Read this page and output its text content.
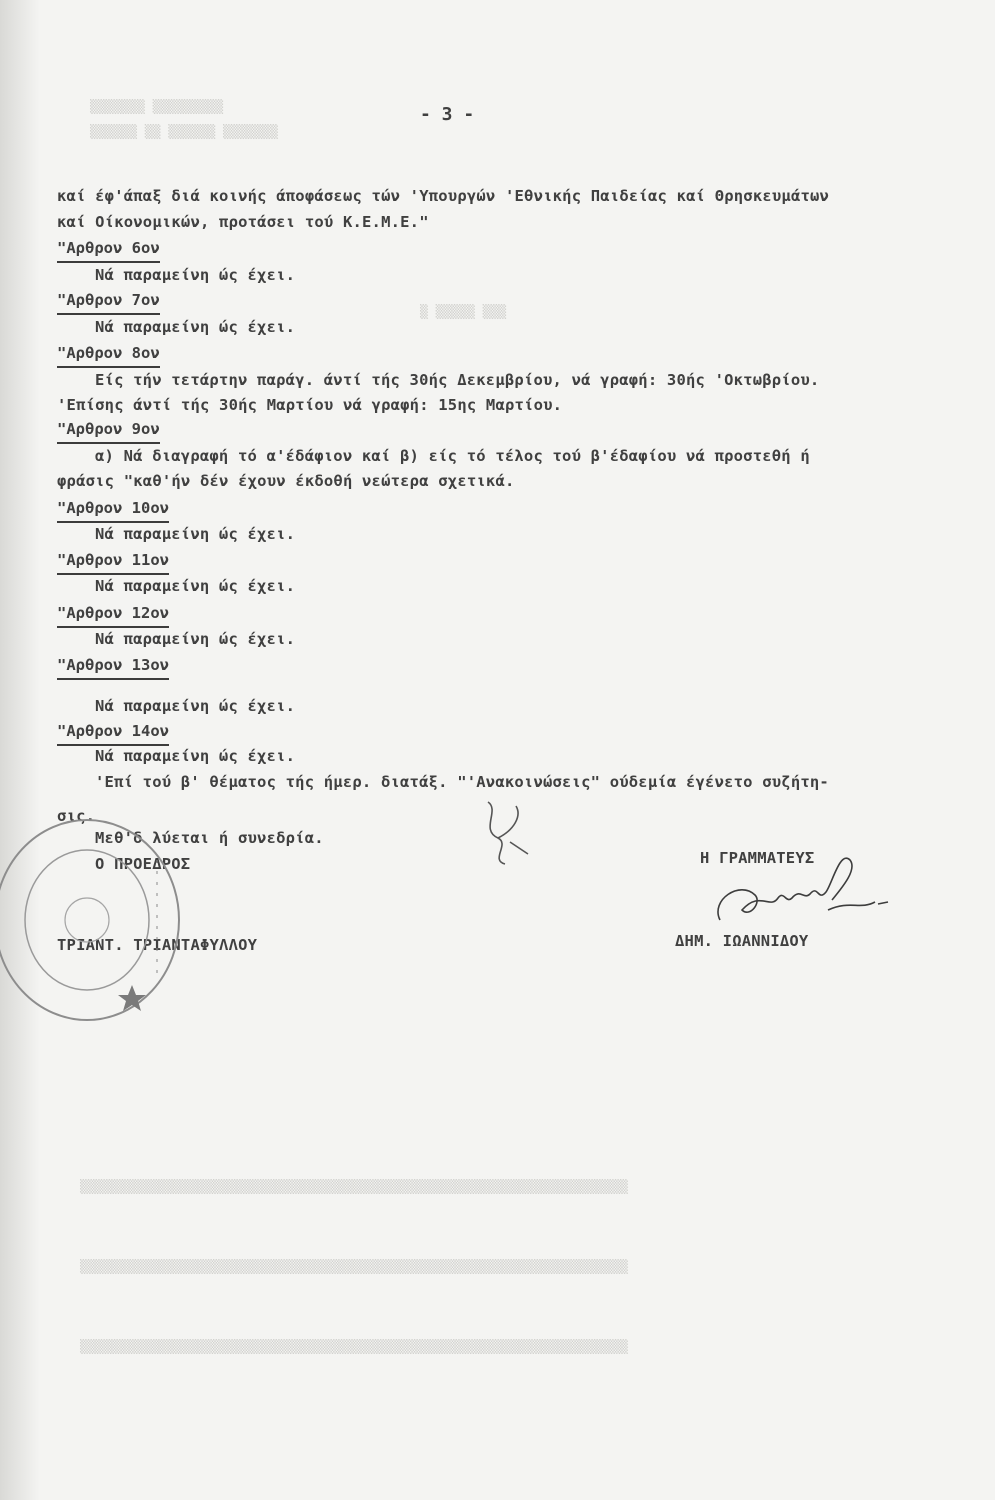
▒▒▒▒▒▒▒ ▒▒▒▒▒▒▒▒▒
▒▒▒▒▒▒ ▒▒ ▒▒▒▒▒▒ ▒▒▒▒▒▒▒
▒ ▒▒▒▒▒ ▒▒▒
▒▒▒▒▒▒▒▒▒▒▒▒▒▒▒▒▒▒▒▒▒▒▒▒▒▒▒▒▒▒▒▒▒▒▒▒▒▒▒▒▒▒▒▒▒▒▒▒▒▒▒▒▒▒▒▒▒▒▒▒▒▒▒▒▒▒▒▒▒▒
▒▒▒▒▒▒▒▒▒▒▒▒▒▒▒▒▒▒▒▒▒▒▒▒▒▒▒▒▒▒▒▒▒▒▒▒▒▒▒▒▒▒▒▒▒▒▒▒▒▒▒▒▒▒▒▒▒▒▒▒▒▒▒▒▒▒▒▒▒▒
▒▒▒▒▒▒▒▒▒▒▒▒▒▒▒▒▒▒▒▒▒▒▒▒▒▒▒▒▒▒▒▒▒▒▒▒▒▒▒▒▒▒▒▒▒▒▒▒▒▒▒▒▒▒▒▒▒▒▒▒▒▒▒▒▒▒▒▒▒▒
- 3 -
καί έφ'άπαξ διά κοινής άποφάσεως τών 'Υπουργών 'Εθνικής Παιδείας καί Θρησκευμάτων
καί Οίκονομικών, προτάσει τού Κ.Ε.Μ.Ε."
"Αρθρον 6ον
Νά παραμείνη ώς έχει.
"Αρθρον 7ον
Νά παραμείνη ώς έχει.
"Αρθρον 8ον
Είς τήν τετάρτην παράγ. άντί τής 30ής Δεκεμβρίου, νά γραφή: 30ής 'Οκτωβρίου.
'Επίσης άντί τής 30ής Μαρτίου νά γραφή: 15ης Μαρτίου.
"Αρθρον 9ον
α) Νά διαγραφή τό α'έδάφιον καί β) είς τό τέλος τού β'έδαφίου νά προστεθή ή
φράσις "καθ'ήν δέν έχουν έκδοθή νεώτερα σχετικά.
"Αρθρον 10ον
Νά παραμείνη ώς έχει.
"Αρθρον 11ον
Νά παραμείνη ώς έχει.
"Αρθρον 12ον
Νά παραμείνη ώς έχει.
"Αρθρον 13ον
Νά παραμείνη ώς έχει.
"Αρθρον 14ον
Νά παραμείνη ώς έχει.
'Επί τού β' θέματος τής ήμερ. διατάξ. "'Ανακοινώσεις" ούδεμία έγένετο συζήτη-
σις.
Μεθ'δ λύεται ή συνεδρία.
Ο ΠΡΟΕΔΡΟΣ
ΤΡΙΑΝΤ. ΤΡΙΑΝΤΑΦΥΛΛΟΥ
Η ΓΡΑΜΜΑΤΕΥΣ
ΔΗΜ. ΙΩΑΝΝΙΔΟΥ
